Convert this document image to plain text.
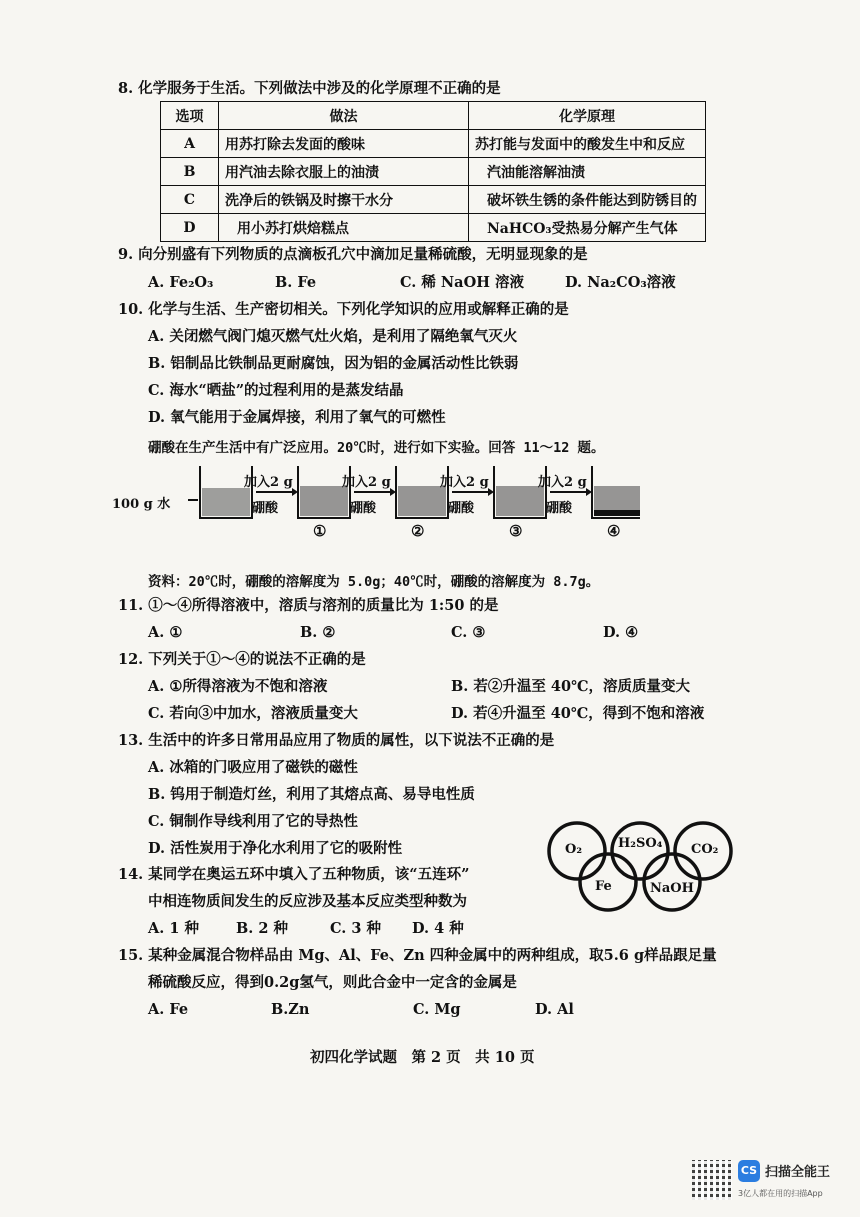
8. 化学服务于生活。下列做法中涉及的化学原理不正确的是
选项	做法	化学原理
A	用苏打除去发面的酸味	苏打能与发面中的酸发生中和反应
B	用汽油去除衣服上的油渍	汽油能溶解油渍
C	洗净后的铁锅及时擦干水分	破坏铁生锈的条件能达到防锈目的
D	用小苏打烘焙糕点	NaHCO₃受热易分解产生气体
9. 向分别盛有下列物质的点滴板孔穴中滴加足量稀硫酸，无明显现象的是
A. Fe₂O₃	B. Fe	C. 稀 NaOH 溶液	D. Na₂CO₃溶液
10. 化学与生活、生产密切相关。下列化学知识的应用或解释正确的是
A. 关闭燃气阀门熄灭燃气灶火焰，是利用了隔绝氧气灭火
B. 铝制品比铁制品更耐腐蚀，因为铝的金属活动性比铁弱
C. 海水“晒盐”的过程利用的是蒸发结晶
D. 氧气能用于金属焊接，利用了氧气的可燃性
硼酸在生产生活中有广泛应用。20℃时，进行如下实验。回答 11～12 题。
100 g 水
加入2 g	加入2 g	加入2 g	加入2 g
硼酸	硼酸	硼酸	硼酸
①	②	③	④
资料：20℃时，硼酸的溶解度为 5.0g；40℃时，硼酸的溶解度为 8.7g。
11. ①～④所得溶液中，溶质与溶剂的质量比为 1:50 的是
A. ①	B. ②	C. ③	D. ④
12. 下列关于①～④的说法不正确的是
A. ①所得溶液为不饱和溶液	B. 若②升温至 40℃，溶质质量变大
C. 若向③中加水，溶液质量变大	D. 若④升温至 40℃，得到不饱和溶液
13. 生活中的许多日常用品应用了物质的属性，以下说法不正确的是
A. 冰箱的门吸应用了磁铁的磁性
B. 钨用于制造灯丝，利用了其熔点高、易导电性质
C. 铜制作导线利用了它的导热性
D. 活性炭用于净化水利用了它的吸附性	O₂	H₂SO₄ CO₂
Fe	NaOH
14. 某同学在奥运五环中填入了五种物质，该“五连环”
中相连物质间发生的反应涉及基本反应类型种数为
A. 1 种	B. 2 种	C. 3 种 D. 4 种
15. 某种金属混合物样品由 Mg、Al、Fe、Zn 四种金属中的两种组成，取5.6 g样品跟足量
稀硫酸反应，得到0.2g氢气，则此合金中一定含的金属是
A. Fe	B.Zn	C. Mg	D. Al
初四化学试题　第 2 页　共 10 页
CS 扫描全能王
3亿人都在用的扫描App
